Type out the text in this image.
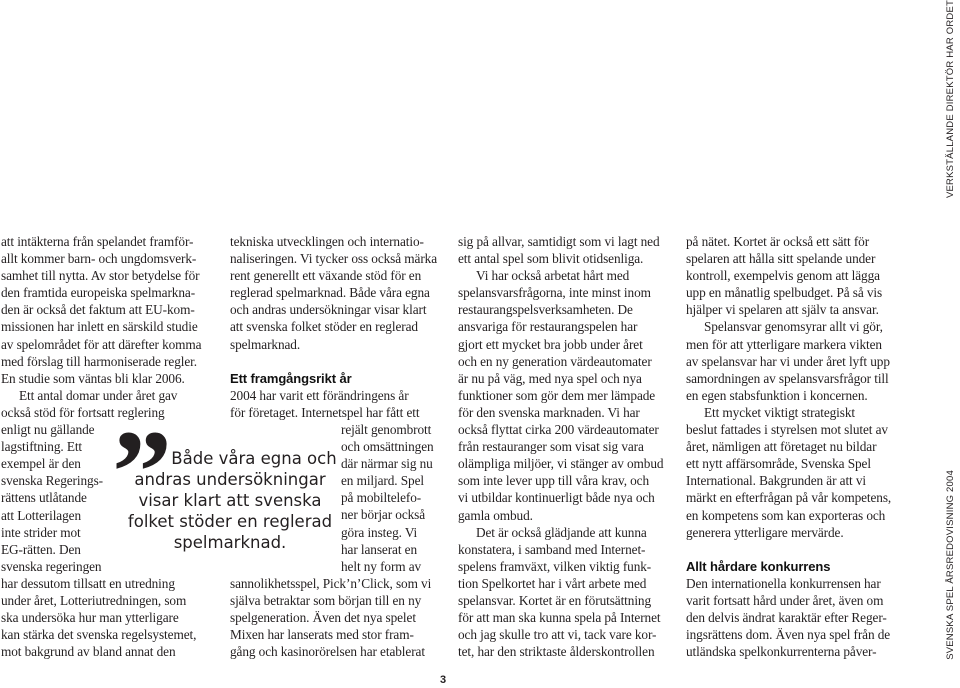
VERKSTÄLLANDE DIREKTÖR HAR ORDET
SVENSKA SPEL ÅRSREDOVISNING 2004

att intäkterna från spelandet framför-
allt kommer barn- och ungdomsverk-
samhet till nytta. Av stor betydelse för
den framtida europeiska spelmarkna-
den är också det faktum att EU-kom-
missionen har inlett en särskild studie
av spelområdet för att därefter komma
med förslag till harmoniserade regler.
En studie som väntas bli klar 2006.

Ett antal domar under året gav
också stöd för fortsatt reglering
enligt nu gällande
lagstiftning. Ett
exempel är den
svenska Regerings-
rättens utlåtande
att Lotterilagen
inte strider mot
EG-rätten. Den
svenska regeringen
har dessutom tillsatt en utredning
under året, Lotteriutredningen, som
ska undersöka hur man ytterligare
kan stärka det svenska regelsystemet,
mot bakgrund av bland annat den

tekniska utvecklingen och internatio-
naliseringen. Vi tycker oss också märka
rent generellt ett växande stöd för en
reglerad spelmarknad. Både våra egna
och andras undersökningar visar klart
att svenska folket stöder en reglerad
spelmarknad.

Ett framgångsrikt år

2004 har varit ett förändringens år
för företaget. Internetspel har fått ett
rejält genombrott
och omsättningen
där närmar sig nu
en miljard. Spel
på mobiltelefo-
ner börjar också
göra insteg. Vi
har lanserat en
helt ny form av
sannolikhetsspel, Pick’n’Click, som vi
själva betraktar som början till en ny
spelgeneration. Även det nya spelet
Mixen har lanserats med stor fram-
gång och kasinorörelsen har etablerat

” Både våra egna och
andras undersökningar
visar klart att svenska
folket stöder en reglerad
spelmarknad.

sig på allvar, samtidigt som vi lagt ned
ett antal spel som blivit otidsenliga.

Vi har också arbetat hårt med
spelansvarsfrågorna, inte minst inom
restaurangspelsverksamheten. De
ansvariga för restaurangspelen har
gjort ett mycket bra jobb under året
och en ny generation värdeautomater
är nu på väg, med nya spel och nya
funktioner som gör dem mer lämpade
för den svenska marknaden. Vi har
också flyttat cirka 200 värdeautomater
från restauranger som visat sig vara
olämpliga miljöer, vi stänger av ombud
som inte lever upp till våra krav, och
vi utbildar kontinuerligt både nya och
gamla ombud.

Det är också glädjande att kunna
konstatera, i samband med Internet-
spelens framväxt, vilken viktig funk-
tion Spelkortet har i vårt arbete med
spelansvar. Kortet är en förutsättning
för att man ska kunna spela på Internet
och jag skulle tro att vi, tack vare kor-
tet, har den striktaste ålderskontrollen

på nätet. Kortet är också ett sätt för
spelaren att hålla sitt spelande under
kontroll, exempelvis genom att lägga
upp en månatlig spelbudget. På så vis
hjälper vi spelaren att själv ta ansvar.

Spelansvar genomsyrar allt vi gör,
men för att ytterligare markera vikten
av spelansvar har vi under året lyft upp
samordningen av spelansvarsfrågor till
en egen stabsfunktion i koncernen.

Ett mycket viktigt strategiskt
beslut fattades i styrelsen mot slutet av
året, nämligen att företaget nu bildar
ett nytt affärsområde, Svenska Spel
International. Bakgrunden är att vi
märkt en efterfrågan på vår kompetens,
en kompetens som kan exporteras och
generera ytterligare mervärde.

Allt hårdare konkurrens

Den internationella konkurrensen har
varit fortsatt hård under året, även om
den delvis ändrat karaktär efter Reger-
ingsrättens dom. Även nya spel från de
utländska spelkonkurrenterna påver-

3
